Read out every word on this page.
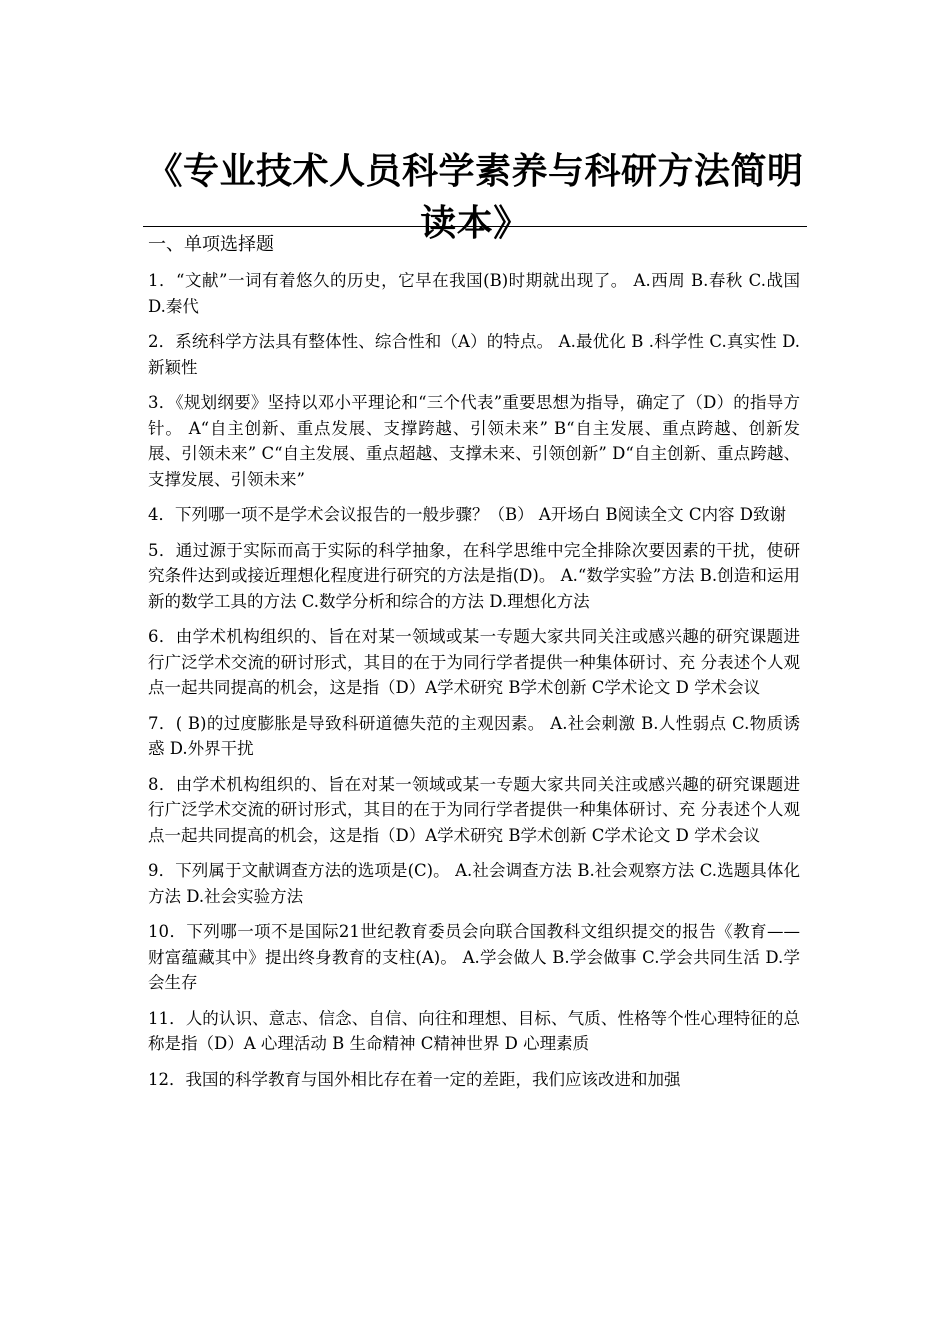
《专业技术人员科学素养与科研方法简明读本》
一、单项选择题

1．“文献”一词有着悠久的历史，它早在我国(B)时期就出现了。 A.西周 B.春秋 C.战国 D.秦代

2．系统科学方法具有整体性、综合性和（A）的特点。 A.最优化 B .科学性 C.真实性 D.新颖性

3．《规划纲要》坚持以邓小平理论和“三个代表”重要思想为指导，确定了（D）的指导方针。 A“自主创新、重点发展、支撑跨越、引领未来” B“自主发展、重点跨越、创新发展、引领未来” C“自主发展、重点超越、支撑未来、引领创新” D“自主创新、重点跨越、支撑发展、引领未来”

4．下列哪一项不是学术会议报告的一般步骤？（B） A开场白 B阅读全文 C内容 D致谢

5．通过源于实际而高于实际的科学抽象，在科学思维中完全排除次要因素的干扰，使研究条件达到或接近理想化程度进行研究的方法是指(D)。 A.“数学实验”方法 B.创造和运用新的数学工具的方法 C.数学分析和综合的方法 D.理想化方法

6．由学术机构组织的、旨在对某一领域或某一专题大家共同关注或感兴趣的研究课题进行广泛学术交流的研讨形式，其目的在于为同行学者提供一种集体研讨、充 分表述个人观点一起共同提高的机会，这是指（D）A学术研究 B学术创新 C学术论文 D 学术会议

7．( B)的过度膨胀是导致科研道德失范的主观因素。 A.社会刺激 B.人性弱点 C.物质诱惑 D.外界干扰

8．由学术机构组织的、旨在对某一领域或某一专题大家共同关注或感兴趣的研究课题进行广泛学术交流的研讨形式，其目的在于为同行学者提供一种集体研讨、充 分表述个人观点一起共同提高的机会，这是指（D）A学术研究 B学术创新 C学术论文 D 学术会议

9．下列属于文献调查方法的选项是(C)。 A.社会调查方法 B.社会观察方法 C.选题具体化方法 D.社会实验方法

10．下列哪一项不是国际21世纪教育委员会向联合国教科文组织提交的报告《教育——财富蕴藏其中》提出终身教育的支柱(A)。 A.学会做人 B.学会做事 C.学会共同生活 D.学会生存

11．人的认识、意志、信念、自信、向往和理想、目标、气质、性格等个性心理特征的总称是指（D）A 心理活动 B 生命精神 C精神世界 D 心理素质

12．我国的科学教育与国外相比存在着一定的差距，我们应该改进和加强
